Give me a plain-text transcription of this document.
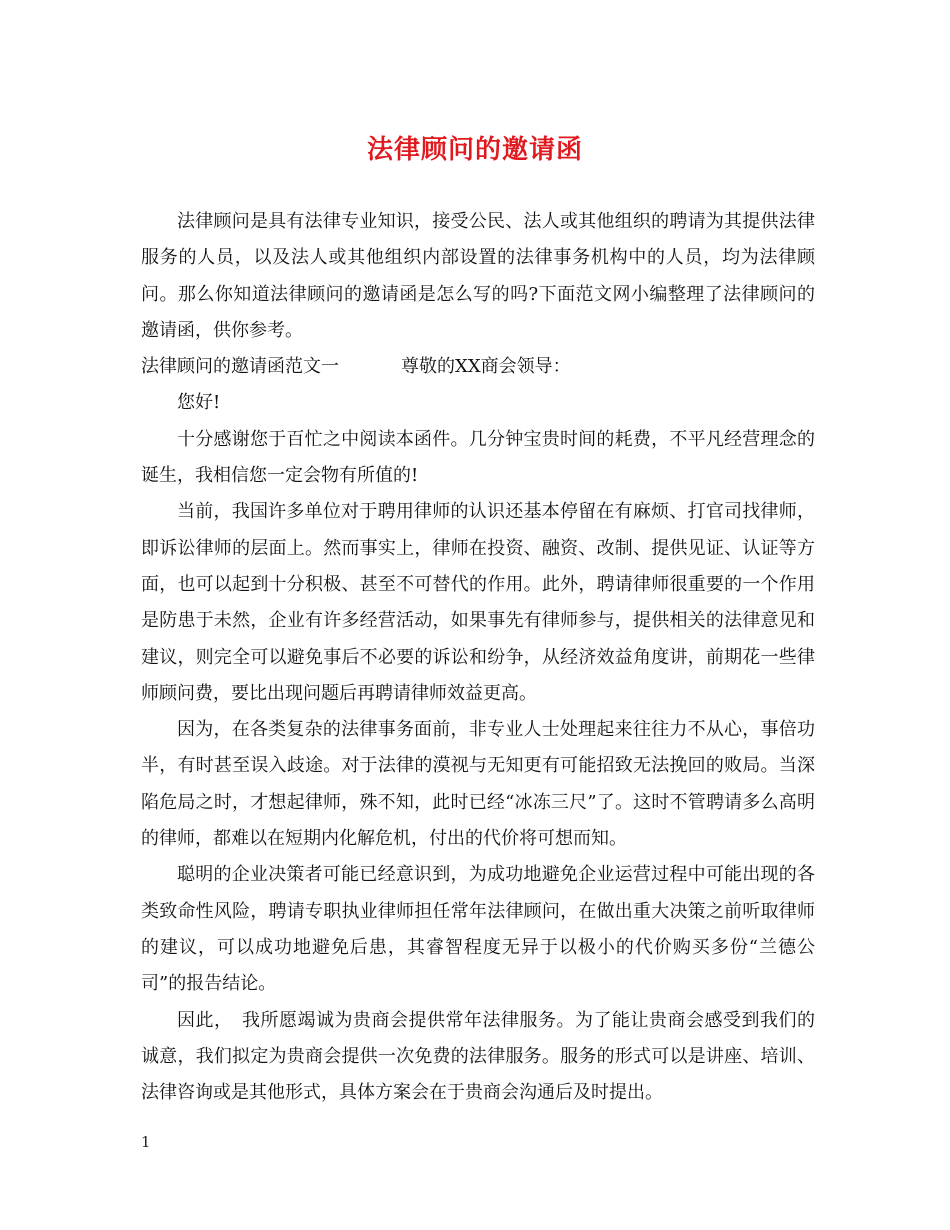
法律顾问的邀请函

法律顾问是具有法律专业知识，接受公民、法人或其他组织的聘请为其提供法律服务的人员，以及法人或其他组织内部设置的法律事务机构中的人员，均为法律顾问。那么你知道法律顾问的邀请函是怎么写的吗?下面范文网小编整理了法律顾问的邀请函，供你参考。

法律顾问的邀请函范文一	尊敬的XX商会领导：

您好!

十分感谢您于百忙之中阅读本函件。几分钟宝贵时间的耗费，不平凡经营理念的诞生，我相信您一定会物有所值的!

当前，我国许多单位对于聘用律师的认识还基本停留在有麻烦、打官司找律师，即诉讼律师的层面上。然而事实上，律师在投资、融资、改制、提供见证、认证等方面，也可以起到十分积极、甚至不可替代的作用。此外，聘请律师很重要的一个作用是防患于未然，企业有许多经营活动，如果事先有律师参与，提供相关的法律意见和建议，则完全可以避免事后不必要的诉讼和纷争，从经济效益角度讲，前期花一些律师顾问费，要比出现问题后再聘请律师效益更高。

因为，在各类复杂的法律事务面前，非专业人士处理起来往往力不从心，事倍功半，有时甚至误入歧途。对于法律的漠视与无知更有可能招致无法挽回的败局。当深陷危局之时，才想起律师，殊不知，此时已经“冰冻三尺”了。这时不管聘请多么高明的律师，都难以在短期内化解危机，付出的代价将可想而知。

聪明的企业决策者可能已经意识到，为成功地避免企业运营过程中可能出现的各类致命性风险，聘请专职执业律师担任常年法律顾问，在做出重大决策之前听取律师的建议，可以成功地避免后患，其睿智程度无异于以极小的代价购买多份“兰德公司”的报告结论。

因此，　我所愿竭诚为贵商会提供常年法律服务。为了能让贵商会感受到我们的诚意，我们拟定为贵商会提供一次免费的法律服务。服务的形式可以是讲座、培训、法律咨询或是其他形式，具体方案会在于贵商会沟通后及时提出。

1
